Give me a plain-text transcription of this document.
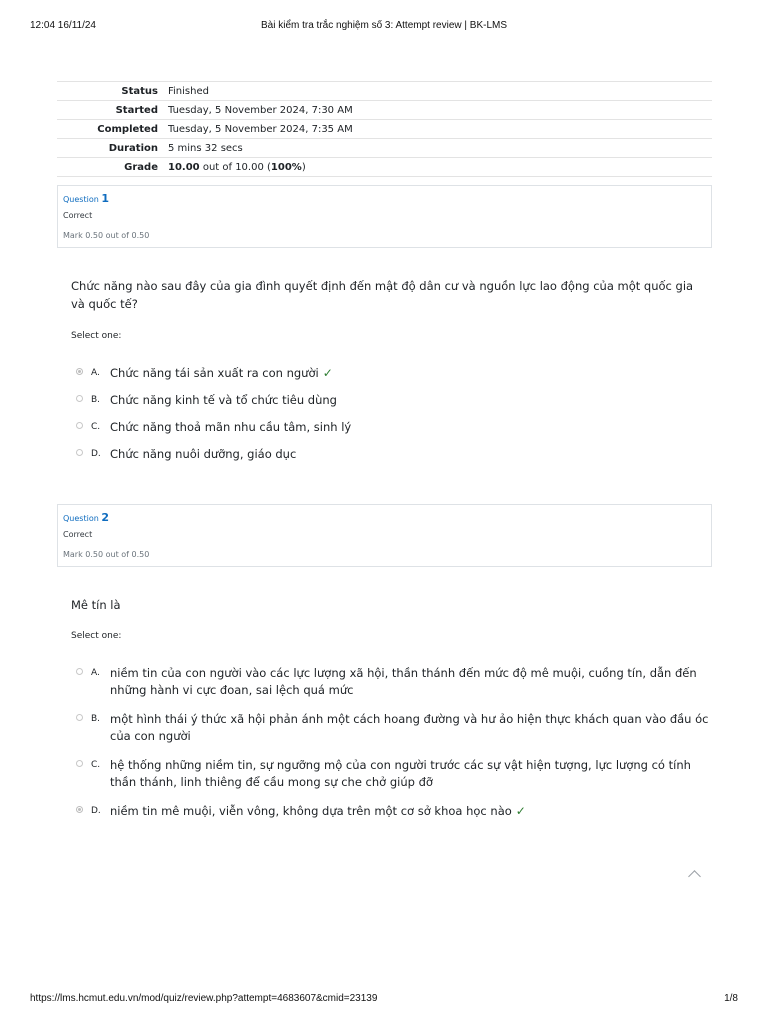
12:04 16/11/24	Bài kiểm tra trắc nghiệm số 3: Attempt review | BK-LMS
Status	Finished
Started	Tuesday, 5 November 2024, 7:30 AM
Completed	Tuesday, 5 November 2024, 7:35 AM
Duration	5 mins 32 secs
Grade	10.00 out of 10.00 (100%)
Question 1
Correct
Mark 0.50 out of 0.50
Chức năng nào sau đây của gia đình quyết định đến mật độ dân cư và nguồn lực lao động của một quốc gia và quốc tế?
Select one:
A. Chức năng tái sản xuất ra con người ✓
B. Chức năng kinh tế và tổ chức tiêu dùng
C. Chức năng thoả mãn nhu cầu tâm, sinh lý
D. Chức năng nuôi dưỡng, giáo dục
Question 2
Correct
Mark 0.50 out of 0.50
Mê tín là
Select one:
A. niềm tin của con người vào các lực lượng xã hội, thần thánh đến mức độ mê muội, cuồng tín, dẫn đến những hành vi cực đoan, sai lệch quá mức
B. một hình thái ý thức xã hội phản ánh một cách hoang đường và hư ảo hiện thực khách quan vào đầu óc của con người
C. hệ thống những niềm tin, sự ngưỡng mộ của con người trước các sự vật hiện tượng, lực lượng có tính thần thánh, linh thiêng để cầu mong sự che chở giúp đỡ
D. niềm tin mê muội, viễn vông, không dựa trên một cơ sở khoa học nào ✓
https://lms.hcmut.edu.vn/mod/quiz/review.php?attempt=4683607&cmid=23139	1/8
